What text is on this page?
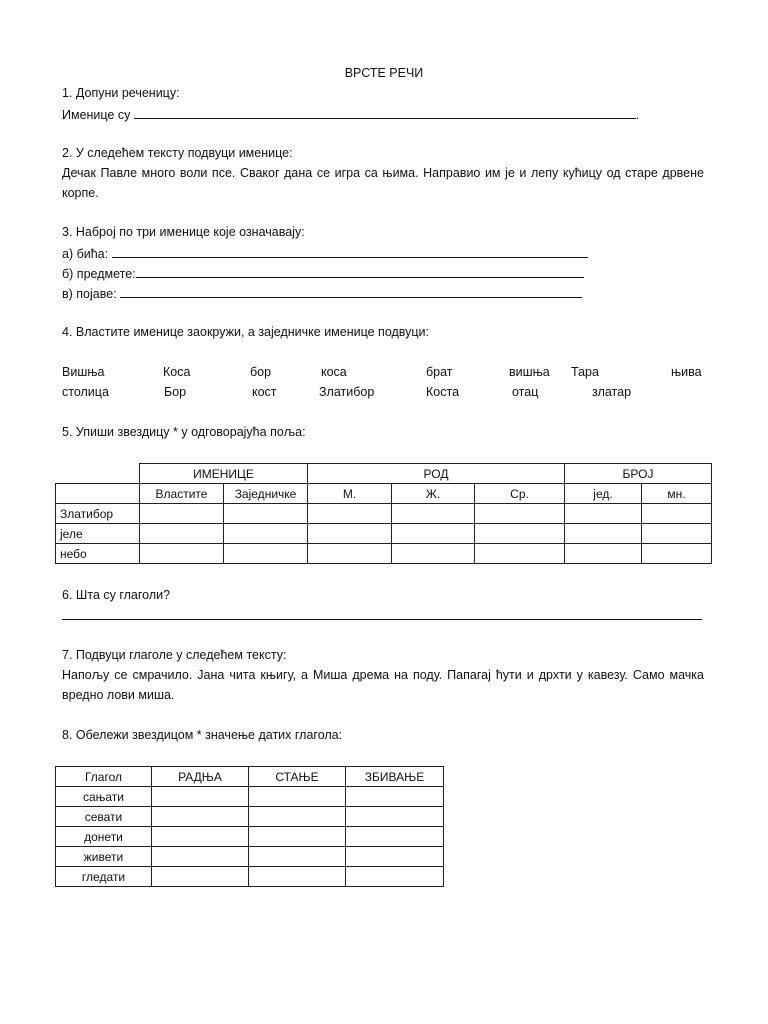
ВРСТЕ РЕЧИ
1. Допуни реченицу:
Именице су	.
2. У следећем тексту подвуци именице:
Дечак Павле много воли псе. Сваког дана се игра са њима. Направио им је и лепу кућицу од старе дрвене корпе.
3. Наброј по три именице које означавају:
а) бића:
б) предмете:
в) појаве:
4. Властите именице заокружи, а заједничке именице подвуци:
Вишња	Коса	бор	коса	брат	вишња Тара	њива
столица	Бор	кост	Златибор	Коста	отац	златар
5. Упиши звездицу * у одговорајућа поља:
	ИМЕНИЦЕ		РОД			БРОЈ	
	Властите	Заједничке	М.	Ж.	Ср.	јед.	мн.
Златибор							
јеле							
небо							
6. Шта су глаголи?
7. Подвуци глаголе у следећем тексту:
Напољу се смрачило. Јана чита књигу, а Миша дрема на поду. Папагај ћути и дрхти у кавезу. Само мачка вредно лови миша.
8. Обележи звездицом * значење датих глагола:
Глагол	РАДЊА	СТАЊЕ	ЗБИВАЊЕ
сањати			
севати			
донети			
живети			
гледати			
